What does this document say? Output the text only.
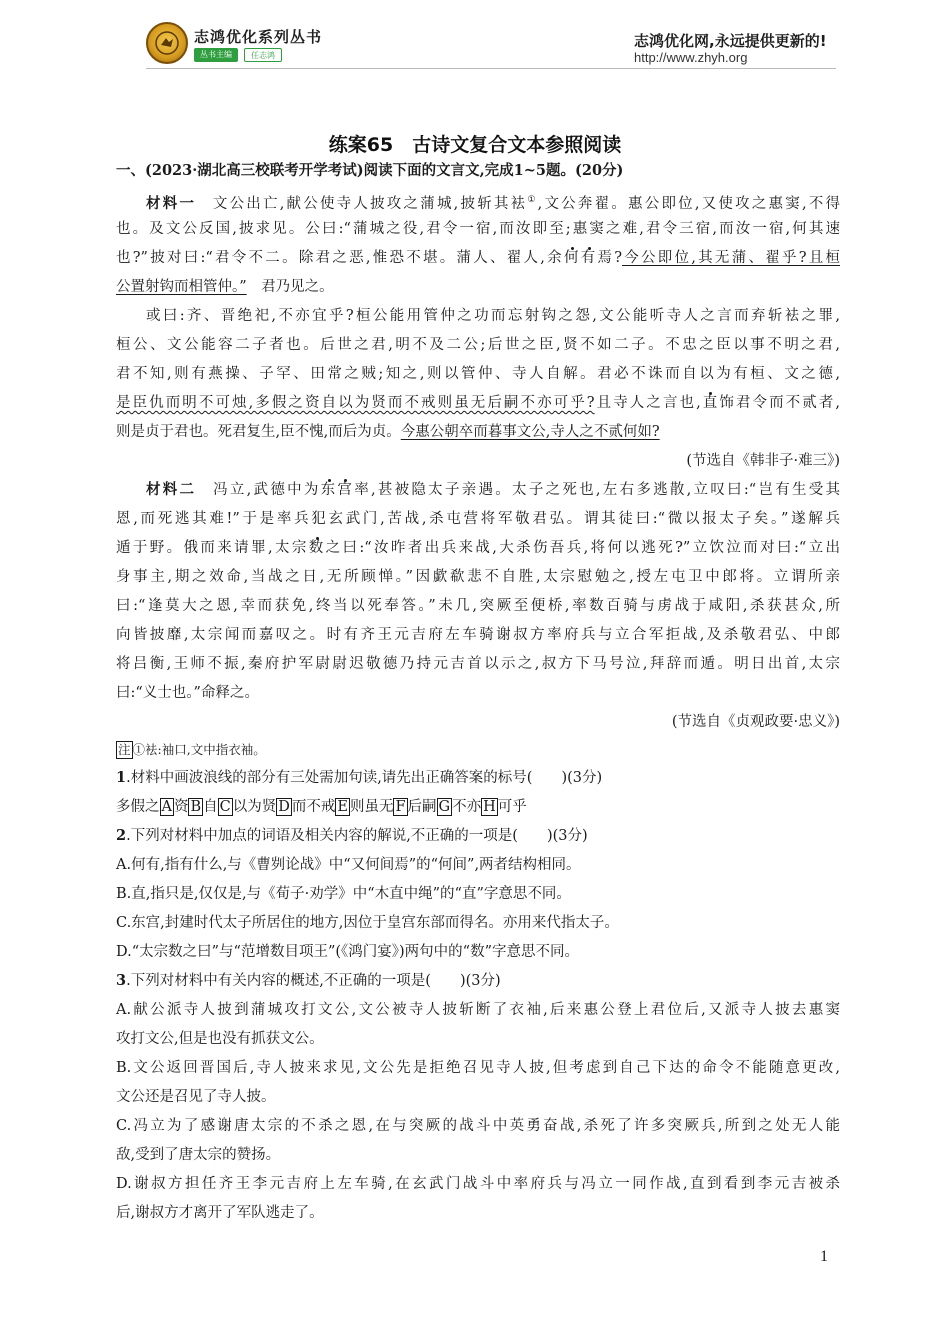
志鸿优化系列丛书
丛书主编	任志鸿
志鸿优化网,永远提供更新的!
http://www.zhyh.org
练案65　古诗文复合文本参照阅读
一、(2023·湖北高三校联考开学考试)阅读下面的文言文,完成1~5题。(20分)
材料一　 文公出亡,献公使寺人披攻之蒲城,披斩其袪①,文公奔翟。惠公即位,又使攻之惠窦,不得
也。及文公反国,披求见。公曰:“蒲城之役,君令一宿,而汝即至;惠窦之难,君令三宿,而汝一宿,何其速
也?”披对曰:“君令不二。除君之恶,惟恐不堪。蒲人、翟人,余何有焉?今公即位,其无蒲、翟乎?且桓
公置射钩而相管仲。”　 君乃见之。
或曰:齐、晋绝祀,不亦宜乎?桓公能用管仲之功而忘射钩之怨,文公能听寺人之言而弃斩袪之罪,
桓公、文公能容二子者也。后世之君,明不及二公;后世之臣,贤不如二子。不忠之臣以事不明之君,
君不知,则有燕操、子罕、田常之贼;知之,则以管仲、寺人自解。君必不诛而自以为有桓、文之德,
是臣仇而明不可烛,多假之资自以为贤而不戒则虽无后嗣不亦可乎?且寺人之言也,直饰君令而不贰者,
则是贞于君也。死君复生,臣不愧,而后为贞。今惠公朝卒而暮事文公,寺人之不贰何如?
(节选自《韩非子·难三》)
材料二　 冯立,武德中为东宫率,甚被隐太子亲遇。太子之死也,左右多逃散,立叹曰:“岂有生受其
恩,而死逃其难!”于是率兵犯玄武门,苦战,杀屯营将军敬君弘。谓其徒曰:“微以报太子矣。”遂解兵
遁于野。俄而来请罪,太宗数之曰:“汝昨者出兵来战,大杀伤吾兵,将何以逃死?”立饮泣而对曰:“立出
身事主,期之效命,当战之日,无所顾惮。”因歔欷悲不自胜,太宗慰勉之,授左屯卫中郎将。立谓所亲
曰:“逢莫大之恩,幸而获免,终当以死奉答。”未几,突厥至便桥,率数百骑与虏战于咸阳,杀获甚众,所
向皆披靡,太宗闻而嘉叹之。时有齐王元吉府左车骑谢叔方率府兵与立合军拒战,及杀敬君弘、中郎
将吕衡,王师不振,秦府护军尉尉迟敬德乃持元吉首以示之,叔方下马号泣,拜辞而遁。明日出首,太宗
曰:“义士也。”命释之。
(节选自《贞观政要·忠义》)
注 ①袪:袖口,文中指衣袖。
1.材料中画波浪线的部分有三处需加句读,请先出正确答案的标号(　　)(3分)
多假之 A 资 B 自 C 以为贤 D 而不戒 E 则虽无 F 后嗣 G 不亦 H 可乎
2.下列对材料中加点的词语及相关内容的解说,不正确的一项是(　　)(3分)
A.何有,指有什么,与《曹刿论战》中“又何间焉”的“何间”,两者结构相同。
B.直,指只是,仅仅是,与《荀子·劝学》中“木直中绳”的“直”字意思不同。
C.东宫,封建时代太子所居住的地方,因位于皇宫东部而得名。亦用来代指太子。
D.“太宗数之曰”与“范增数目项王”(《鸿门宴》)两句中的“数”字意思不同。
3.下列对材料中有关内容的概述,不正确的一项是(　　)(3分)
A.献公派寺人披到蒲城攻打文公,文公被寺人披斩断了衣袖,后来惠公登上君位后,又派寺人披去惠窦
攻打文公,但是也没有抓获文公。
B.文公返回晋国后,寺人披来求见,文公先是拒绝召见寺人披,但考虑到自己下达的命令不能随意更改,
文公还是召见了寺人披。
C.冯立为了感谢唐太宗的不杀之恩,在与突厥的战斗中英勇奋战,杀死了许多突厥兵,所到之处无人能
敌,受到了唐太宗的赞扬。
D.谢叔方担任齐王李元吉府上左车骑,在玄武门战斗中率府兵与冯立一同作战,直到看到李元吉被杀
后,谢叔方才离开了军队逃走了。
1
